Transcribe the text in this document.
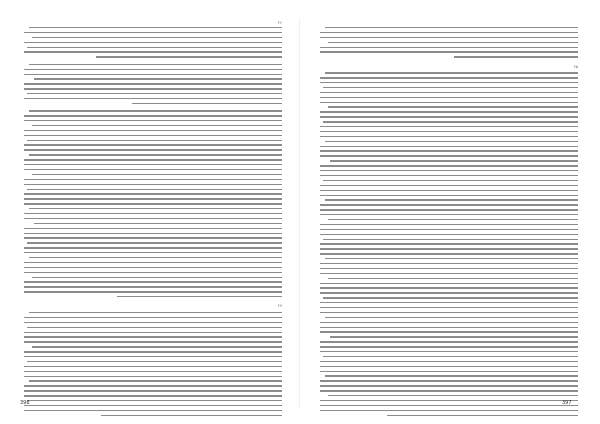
۲۶
۲۷
398
۲۵
397
